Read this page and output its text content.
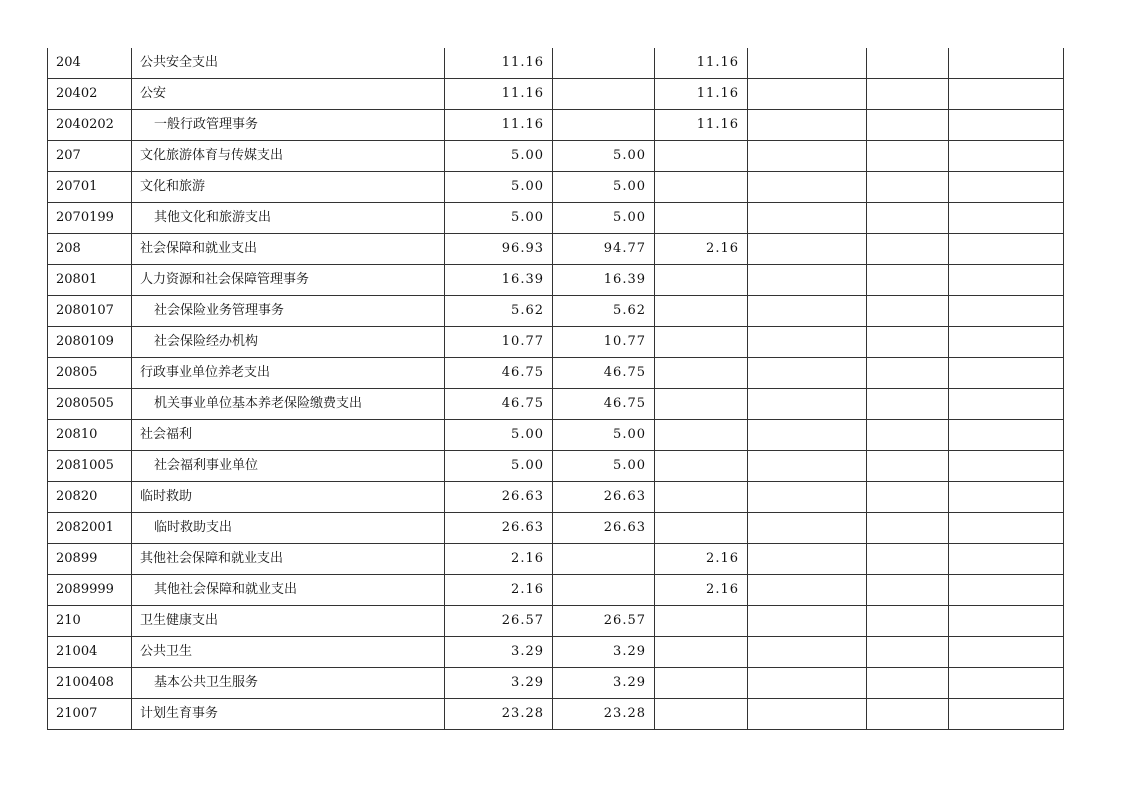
204	公共安全支出	11.16		11.16			
20402	公安	11.16		11.16			
2040202	一般行政管理事务	11.16		11.16			
207	文化旅游体育与传媒支出	5.00	5.00				
20701	文化和旅游	5.00	5.00				
2070199	其他文化和旅游支出	5.00	5.00				
208	社会保障和就业支出	96.93	94.77	2.16			
20801	人力资源和社会保障管理事务	16.39	16.39				
2080107	社会保险业务管理事务	5.62	5.62				
2080109	社会保险经办机构	10.77	10.77				
20805	行政事业单位养老支出	46.75	46.75				
2080505	机关事业单位基本养老保险缴费支出	46.75	46.75				
20810	社会福利	5.00	5.00				
2081005	社会福利事业单位	5.00	5.00				
20820	临时救助	26.63	26.63				
2082001	临时救助支出	26.63	26.63				
20899	其他社会保障和就业支出	2.16		2.16			
2089999	其他社会保障和就业支出	2.16		2.16			
210	卫生健康支出	26.57	26.57				
21004	公共卫生	3.29	3.29				
2100408	基本公共卫生服务	3.29	3.29				
21007	计划生育事务	23.28	23.28				
